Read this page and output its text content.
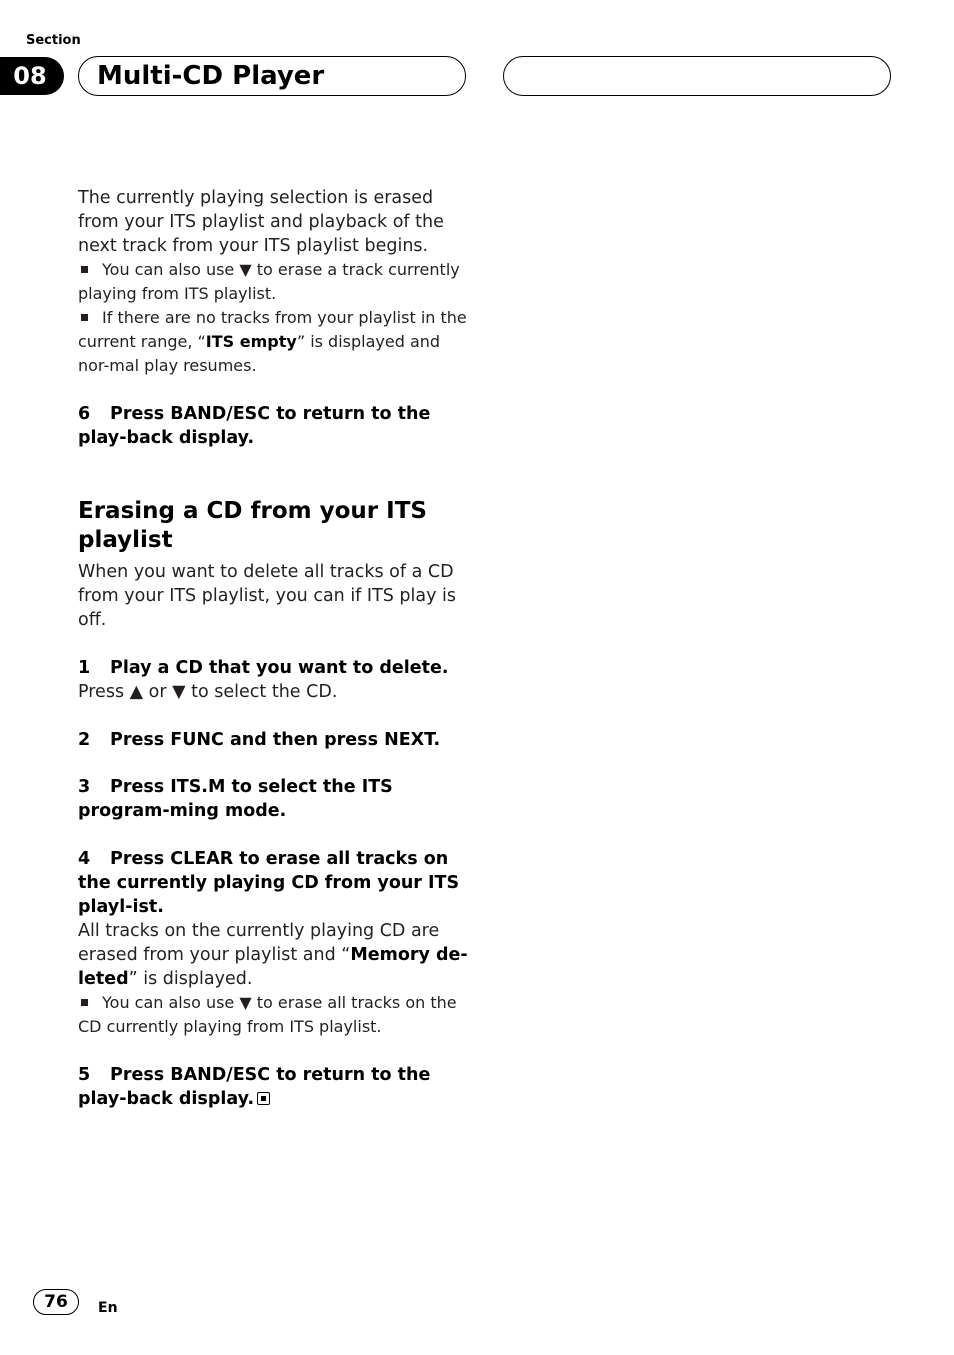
Section
08	Multi-CD Player

The currently playing selection is erased from your ITS playlist and playback of the next track from your ITS playlist begins.

You can also use ▼ to erase a track currently playing from ITS playlist.

If there are no tracks from your playlist in the current range, “ITS empty” is displayed and nor-mal play resumes.

6 Press BAND/ESC to return to the play-back display.

Erasing a CD from your ITS playlist

When you want to delete all tracks of a CD from your ITS playlist, you can if ITS play is off.

1 Play a CD that you want to delete.

Press ▲ or ▼ to select the CD.

2 Press FUNC and then press NEXT.

3 Press ITS.M to select the ITS program-ming mode.

4 Press CLEAR to erase all tracks on the currently playing CD from your ITS playl-ist.

All tracks on the currently playing CD are erased from your playlist and “Memory de-leted” is displayed.

You can also use ▼ to erase all tracks on the CD currently playing from ITS playlist.

5 Press BAND/ESC to return to the play-back display.

76	En
